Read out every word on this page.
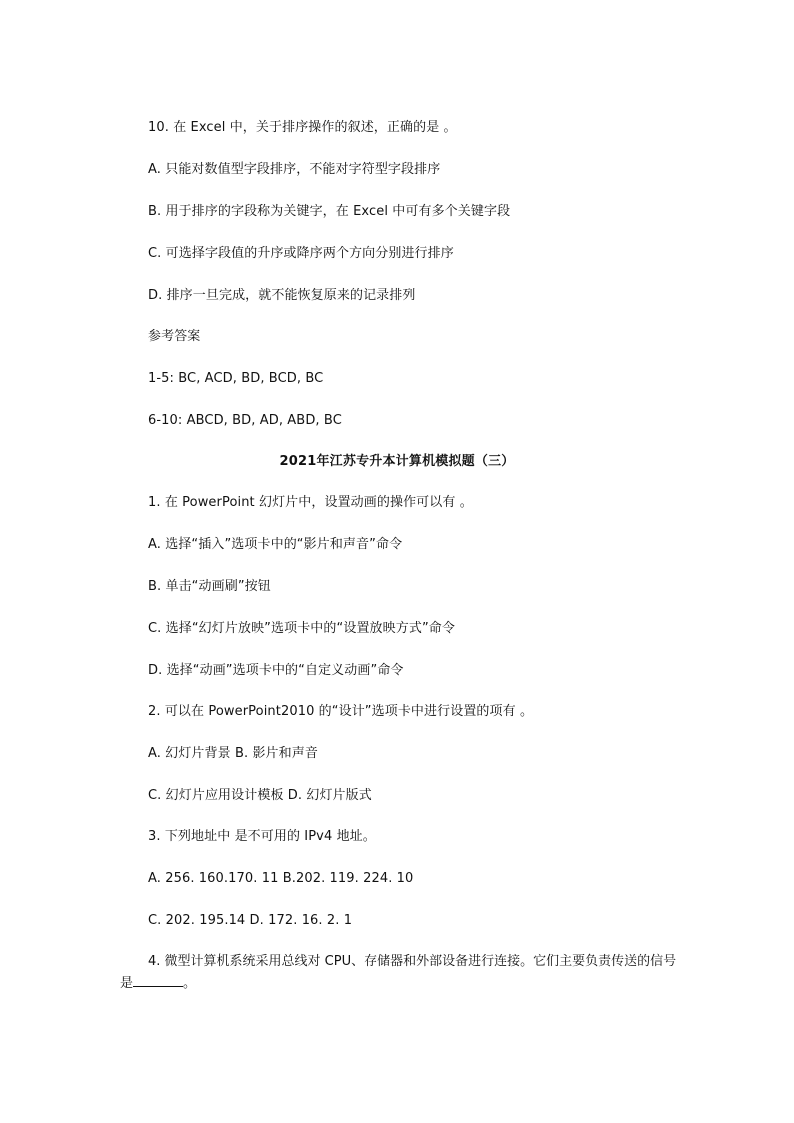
10. 在 Excel 中，关于排序操作的叙述，正确的是 。
A. 只能对数值型字段排序，不能对字符型字段排序
B. 用于排序的字段称为关键字，在 Excel 中可有多个关键字段
C. 可选择字段值的升序或降序两个方向分别进行排序
D. 排序一旦完成，就不能恢复原来的记录排列
参考答案
1-5: BC, ACD, BD, BCD, BC
6-10: ABCD, BD, AD, ABD, BC
2021年江苏专升本计算机模拟题（三）
1. 在 PowerPoint 幻灯片中，设置动画的操作可以有 。
A. 选择“插入”选项卡中的“影片和声音”命令
B. 单击“动画刷”按钮
C. 选择“幻灯片放映”选项卡中的“设置放映方式”命令
D. 选择“动画”选项卡中的“自定义动画”命令
2. 可以在 PowerPoint2010 的“设计”选项卡中进行设置的项有 。
A. 幻灯片背景 B. 影片和声音
C. 幻灯片应用设计模板 D. 幻灯片版式
3. 下列地址中 是不可用的 IPv4 地址。
A. 256. 160.170. 11 B.202. 119. 224. 10
C. 202. 195.14 D. 172. 16. 2. 1
4. 微型计算机系统采用总线对 CPU、存储器和外部设备进行连接。它们主要负责传送的信号是	。
